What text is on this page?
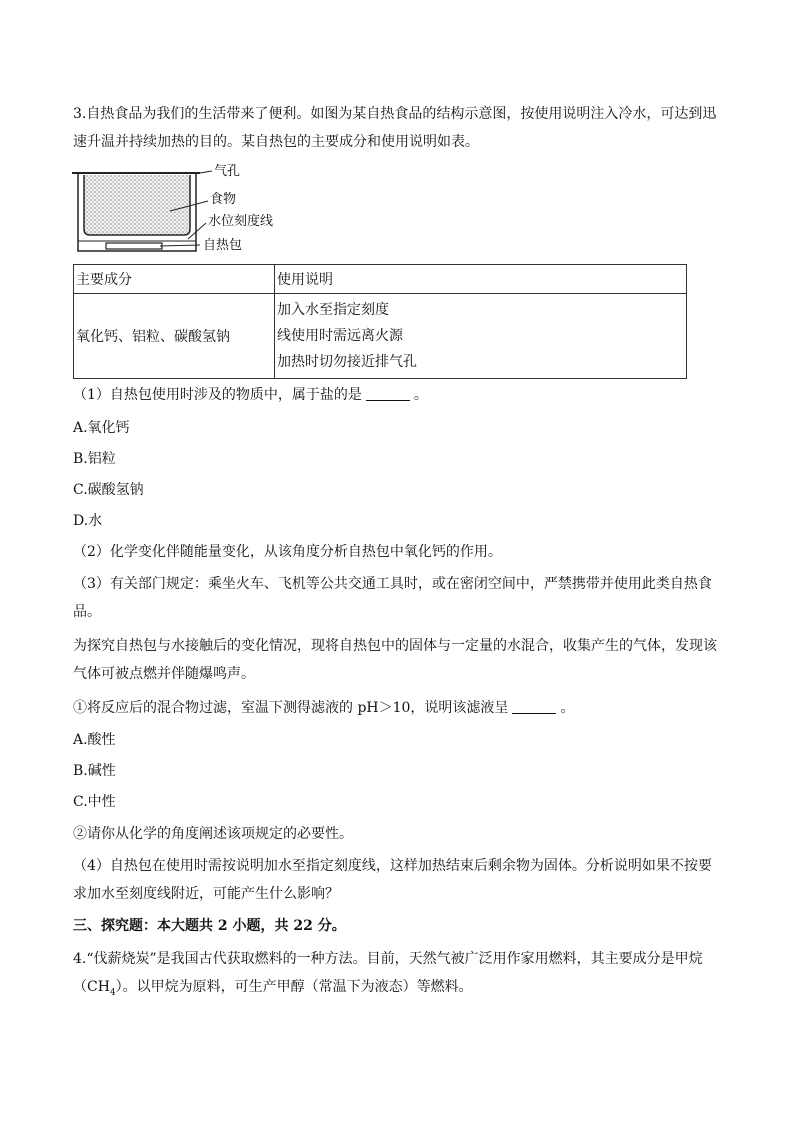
3.自热食品为我们的生活带来了便利。如图为某自热食品的结构示意图，按使用说明注入冷水，可达到迅
速升温并持续加热的目的。某自热包的主要成分和使用说明如表。
气孔
食物
水位刻度线
自热包
主要成分	使用说明
氧化钙、铝粒、碳酸氢钠	加入水至指定刻度
线使用时需远离火源
加热时切勿接近排气孔
（1）自热包使用时涉及的物质中，属于盐的是	。
A.氧化钙
B.铝粒
C.碳酸氢钠
D.水
（2）化学变化伴随能量变化，从该角度分析自热包中氧化钙的作用。
（3）有关部门规定：乘坐火车、飞机等公共交通工具时，或在密闭空间中，严禁携带并使用此类自热食
品。
为探究自热包与水接触后的变化情况，现将自热包中的固体与一定量的水混合，收集产生的气体，发现该
气体可被点燃并伴随爆鸣声。
①将反应后的混合物过滤，室温下测得滤液的 pH＞10，说明该滤液呈	。
A.酸性
B.碱性
C.中性
②请你从化学的角度阐述该项规定的必要性。
（4）自热包在使用时需按说明加水至指定刻度线，这样加热结束后剩余物为固体。分析说明如果不按要
求加水至刻度线附近，可能产生什么影响？
三、探究题：本大题共 2 小题，共 22 分。
4.“伐薪烧炭”是我国古代获取燃料的一种方法。目前，天然气被广泛用作家用燃料，其主要成分是甲烷
$(CH_4)$。以甲烷为原料，可生产甲醇（常温下为液态）等燃料。
